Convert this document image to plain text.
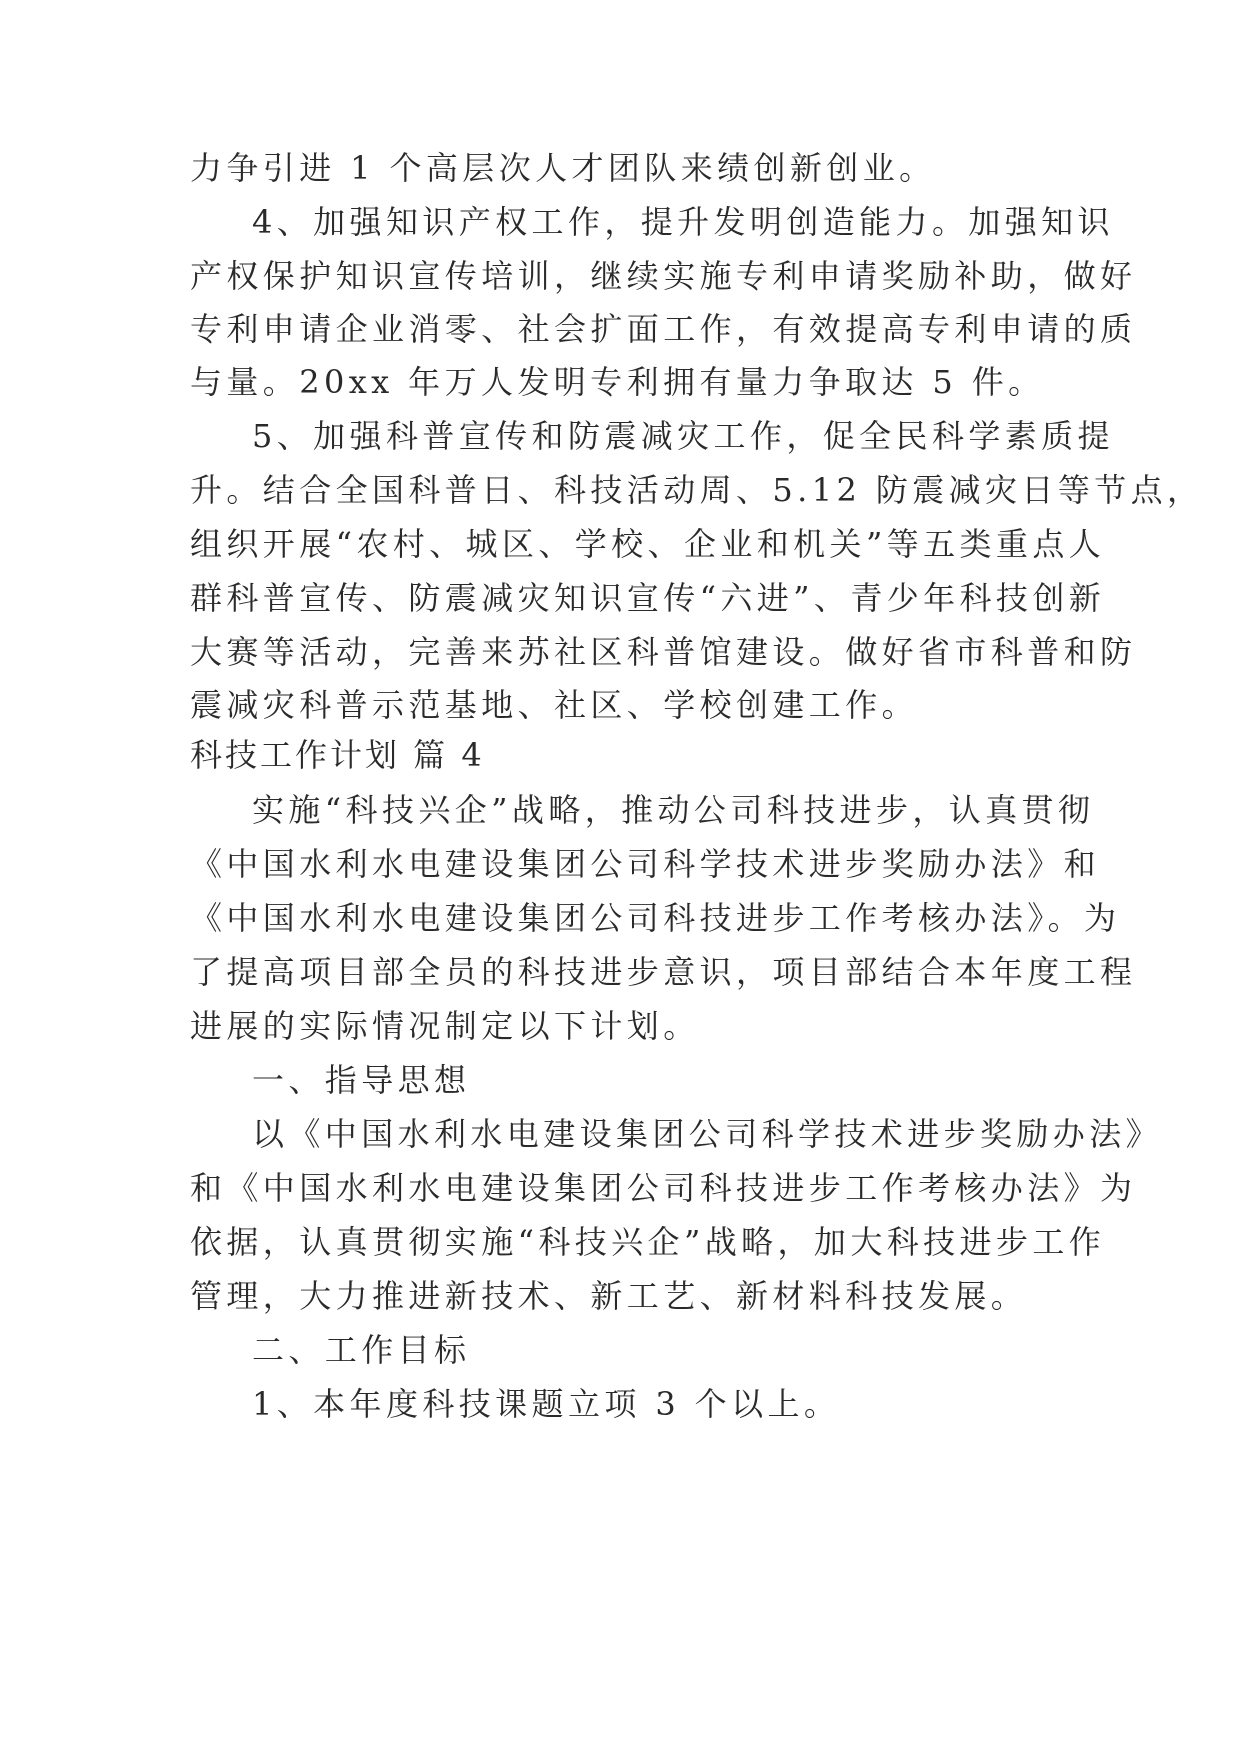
力争引进 1 个高层次人才团队来绩创新创业。
4、加强知识产权工作，提升发明创造能力。加强知识
产权保护知识宣传培训，继续实施专利申请奖励补助，做好
专利申请企业消零、社会扩面工作，有效提高专利申请的质
与量。20xx 年万人发明专利拥有量力争取达 5 件。
5、加强科普宣传和防震减灾工作，促全民科学素质提
升。结合全国科普日、科技活动周、5.12 防震减灾日等节点，
组织开展“农村、城区、学校、企业和机关”等五类重点人
群科普宣传、防震减灾知识宣传“六进”、青少年科技创新
大赛等活动，完善来苏社区科普馆建设。做好省市科普和防
震减灾科普示范基地、社区、学校创建工作。
科技工作计划 篇 4
实施“科技兴企”战略，推动公司科技进步，认真贯彻
《中国水利水电建设集团公司科学技术进步奖励办法》和
《中国水利水电建设集团公司科技进步工作考核办法》。为
了提高项目部全员的科技进步意识，项目部结合本年度工程
进展的实际情况制定以下计划。
一、指导思想
以《中国水利水电建设集团公司科学技术进步奖励办法》
和《中国水利水电建设集团公司科技进步工作考核办法》为
依据，认真贯彻实施“科技兴企”战略，加大科技进步工作
管理，大力推进新技术、新工艺、新材料科技发展。
二、工作目标
1、本年度科技课题立项 3 个以上。
